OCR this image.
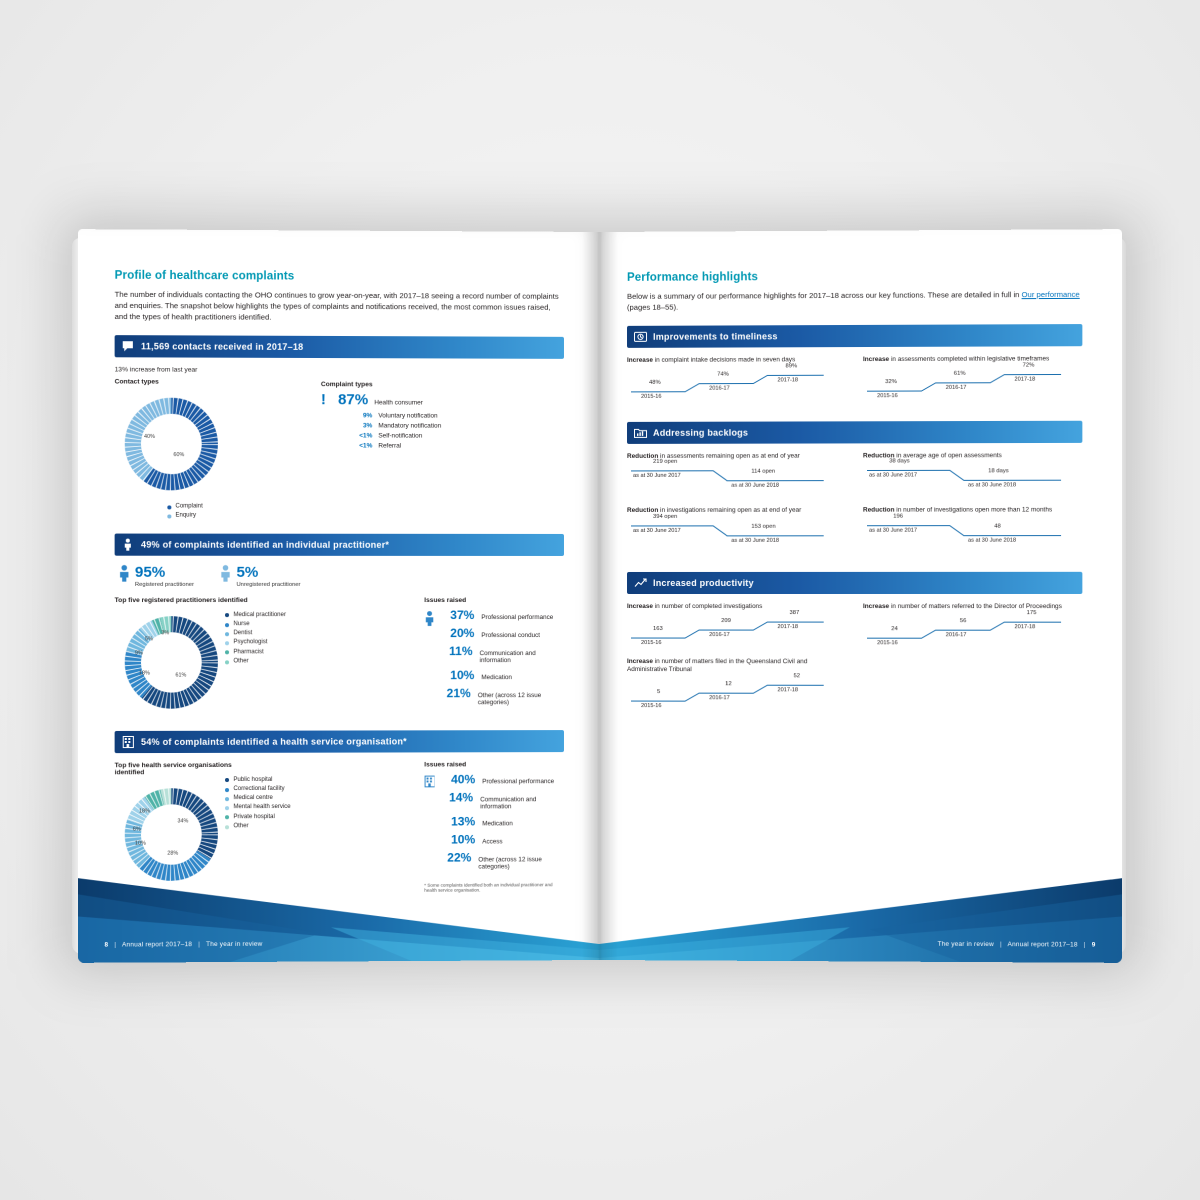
Profile of healthcare complaints

The number of individuals contacting the OHO continues to grow year-on-year, with 2017–18 seeing a record number of complaints and enquiries. The snapshot below highlights the types of complaints and notifications received, the most common issues raised, and the types of health practitioners identified.

11,569 contacts received in 2017–18
13% increase from last year
Contact types
40%
60%
Complaint
Enquiry
Complaint types
! 87% Health consumer
9% Voluntary notification
3% Mandatory notification
<1% Self-notification
<1% Referral
49% of complaints identified an individual practitioner*
95%
Registered practitioner
5%
Unregistered practitioner
Top five registered practitioners identified
61%
18%
9%
5%
3%
Medical practitioner
Nurse
Dentist
Psychologist
Pharmacist
Other
Issues raised
37% Professional performance
20% Professional conduct
11% Communication and information
10% Medication
21% Other (across 12 issue categories)
54% of complaints identified a health service organisation*
Top five health service organisations identified
34%
28%
18%
10%
6%
Public hospital
Correctional facility
Medical centre
Mental health service
Private hospital
Other
Issues raised
40% Professional performance
14% Communication and information
13% Medication
10% Access
22% Other (across 12 issue categories)
* Some complaints identified both an individual practitioner and health service organisation.
8 | Annual report 2017–18 | The year in review
Performance highlights

Below is a summary of our performance highlights for 2017–18 across our key functions. These are detailed in full in Our performance (pages 18–55).

Improvements to timeliness
Increase in complaint intake decisions made in seven days
48%
74%
89%
2015-16
2016-17
2017-18
Increase in assessments completed within legislative timeframes
32%
61%
72%
2015-16
2016-17
2017-18
Addressing backlogs
Reduction in assessments remaining open as at end of year
219 open
114 open
as at 30 June 2017
as at 30 June 2018
Reduction in average age of open assessments
38 days
18 days
as at 30 June 2017
as at 30 June 2018
Reduction in investigations remaining open as at end of year
394 open
153 open
as at 30 June 2017
as at 30 June 2018
Reduction in number of investigations open more than 12 months
196
48
as at 30 June 2017
as at 30 June 2018
Increased productivity
Increase in number of completed investigations
163
209
387
2015-16
2016-17
2017-18
Increase in number of matters referred to the Director of Proceedings
24
56
175
2015-16
2016-17
2017-18
Increase in number of matters filed in the Queensland Civil and Administrative Tribunal
5
12
52
2015-16
2016-17
2017-18
The year in review | Annual report 2017–18 | 9
